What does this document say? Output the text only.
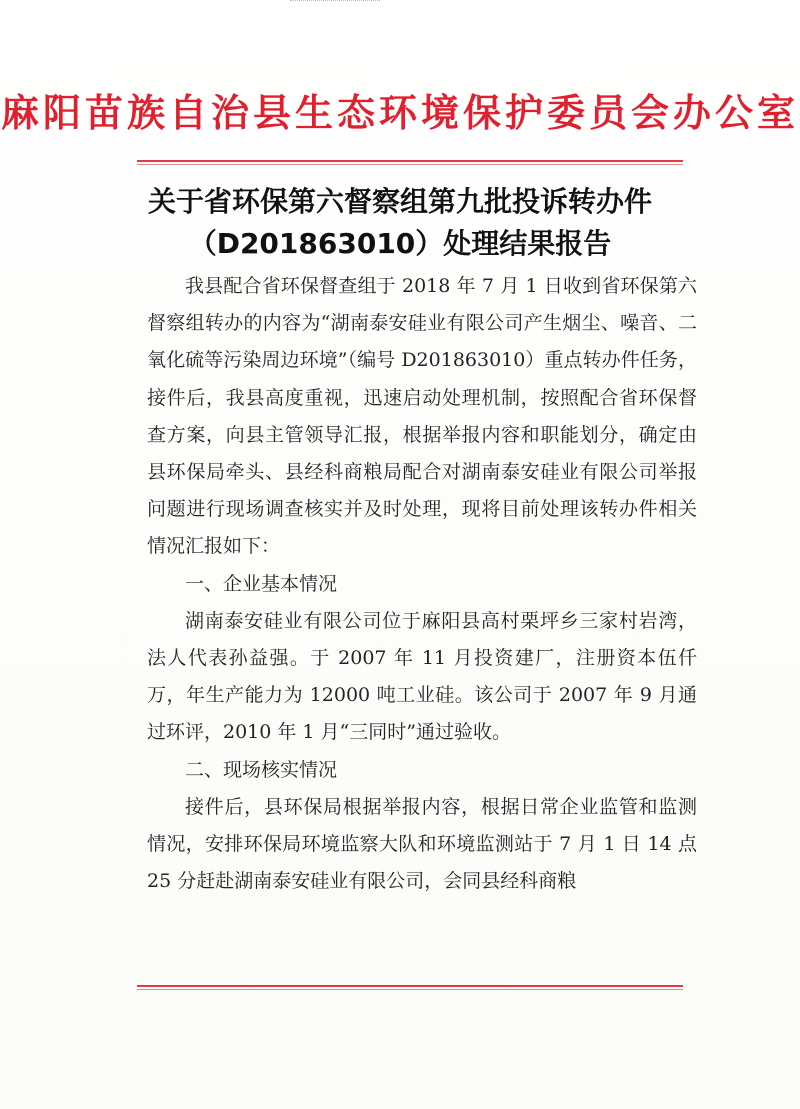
麻阳苗族自治县生态环境保护委员会办公室
关于省环保第六督察组第九批投诉转办件
（D201863010）处理结果报告

我县配合省环保督查组于 2018 年 7 月 1 日收到省环保第六督察组转办的内容为“湖南泰安硅业有限公司产生烟尘、噪音、二氧化硫等污染周边环境”（编号 D201863010）重点转办件任务，接件后，我县高度重视，迅速启动处理机制，按照配合省环保督查方案，向县主管领导汇报，根据举报内容和职能划分，确定由县环保局牵头、县经科商粮局配合对湖南泰安硅业有限公司举报问题进行现场调查核实并及时处理，现将目前处理该转办件相关情况汇报如下：

一、企业基本情况

湖南泰安硅业有限公司位于麻阳县高村栗坪乡三家村岩湾，法人代表孙益强。于 2007 年 11 月投资建厂，注册资本伍仟万，年生产能力为 12000 吨工业硅。该公司于 2007 年 9 月通过环评，2010 年 1 月“三同时”通过验收。

二、现场核实情况

接件后，县环保局根据举报内容，根据日常企业监管和监测情况，安排环保局环境监察大队和环境监测站于 7 月 1 日 14 点 25 分赶赴湖南泰安硅业有限公司，会同县经科商粮
